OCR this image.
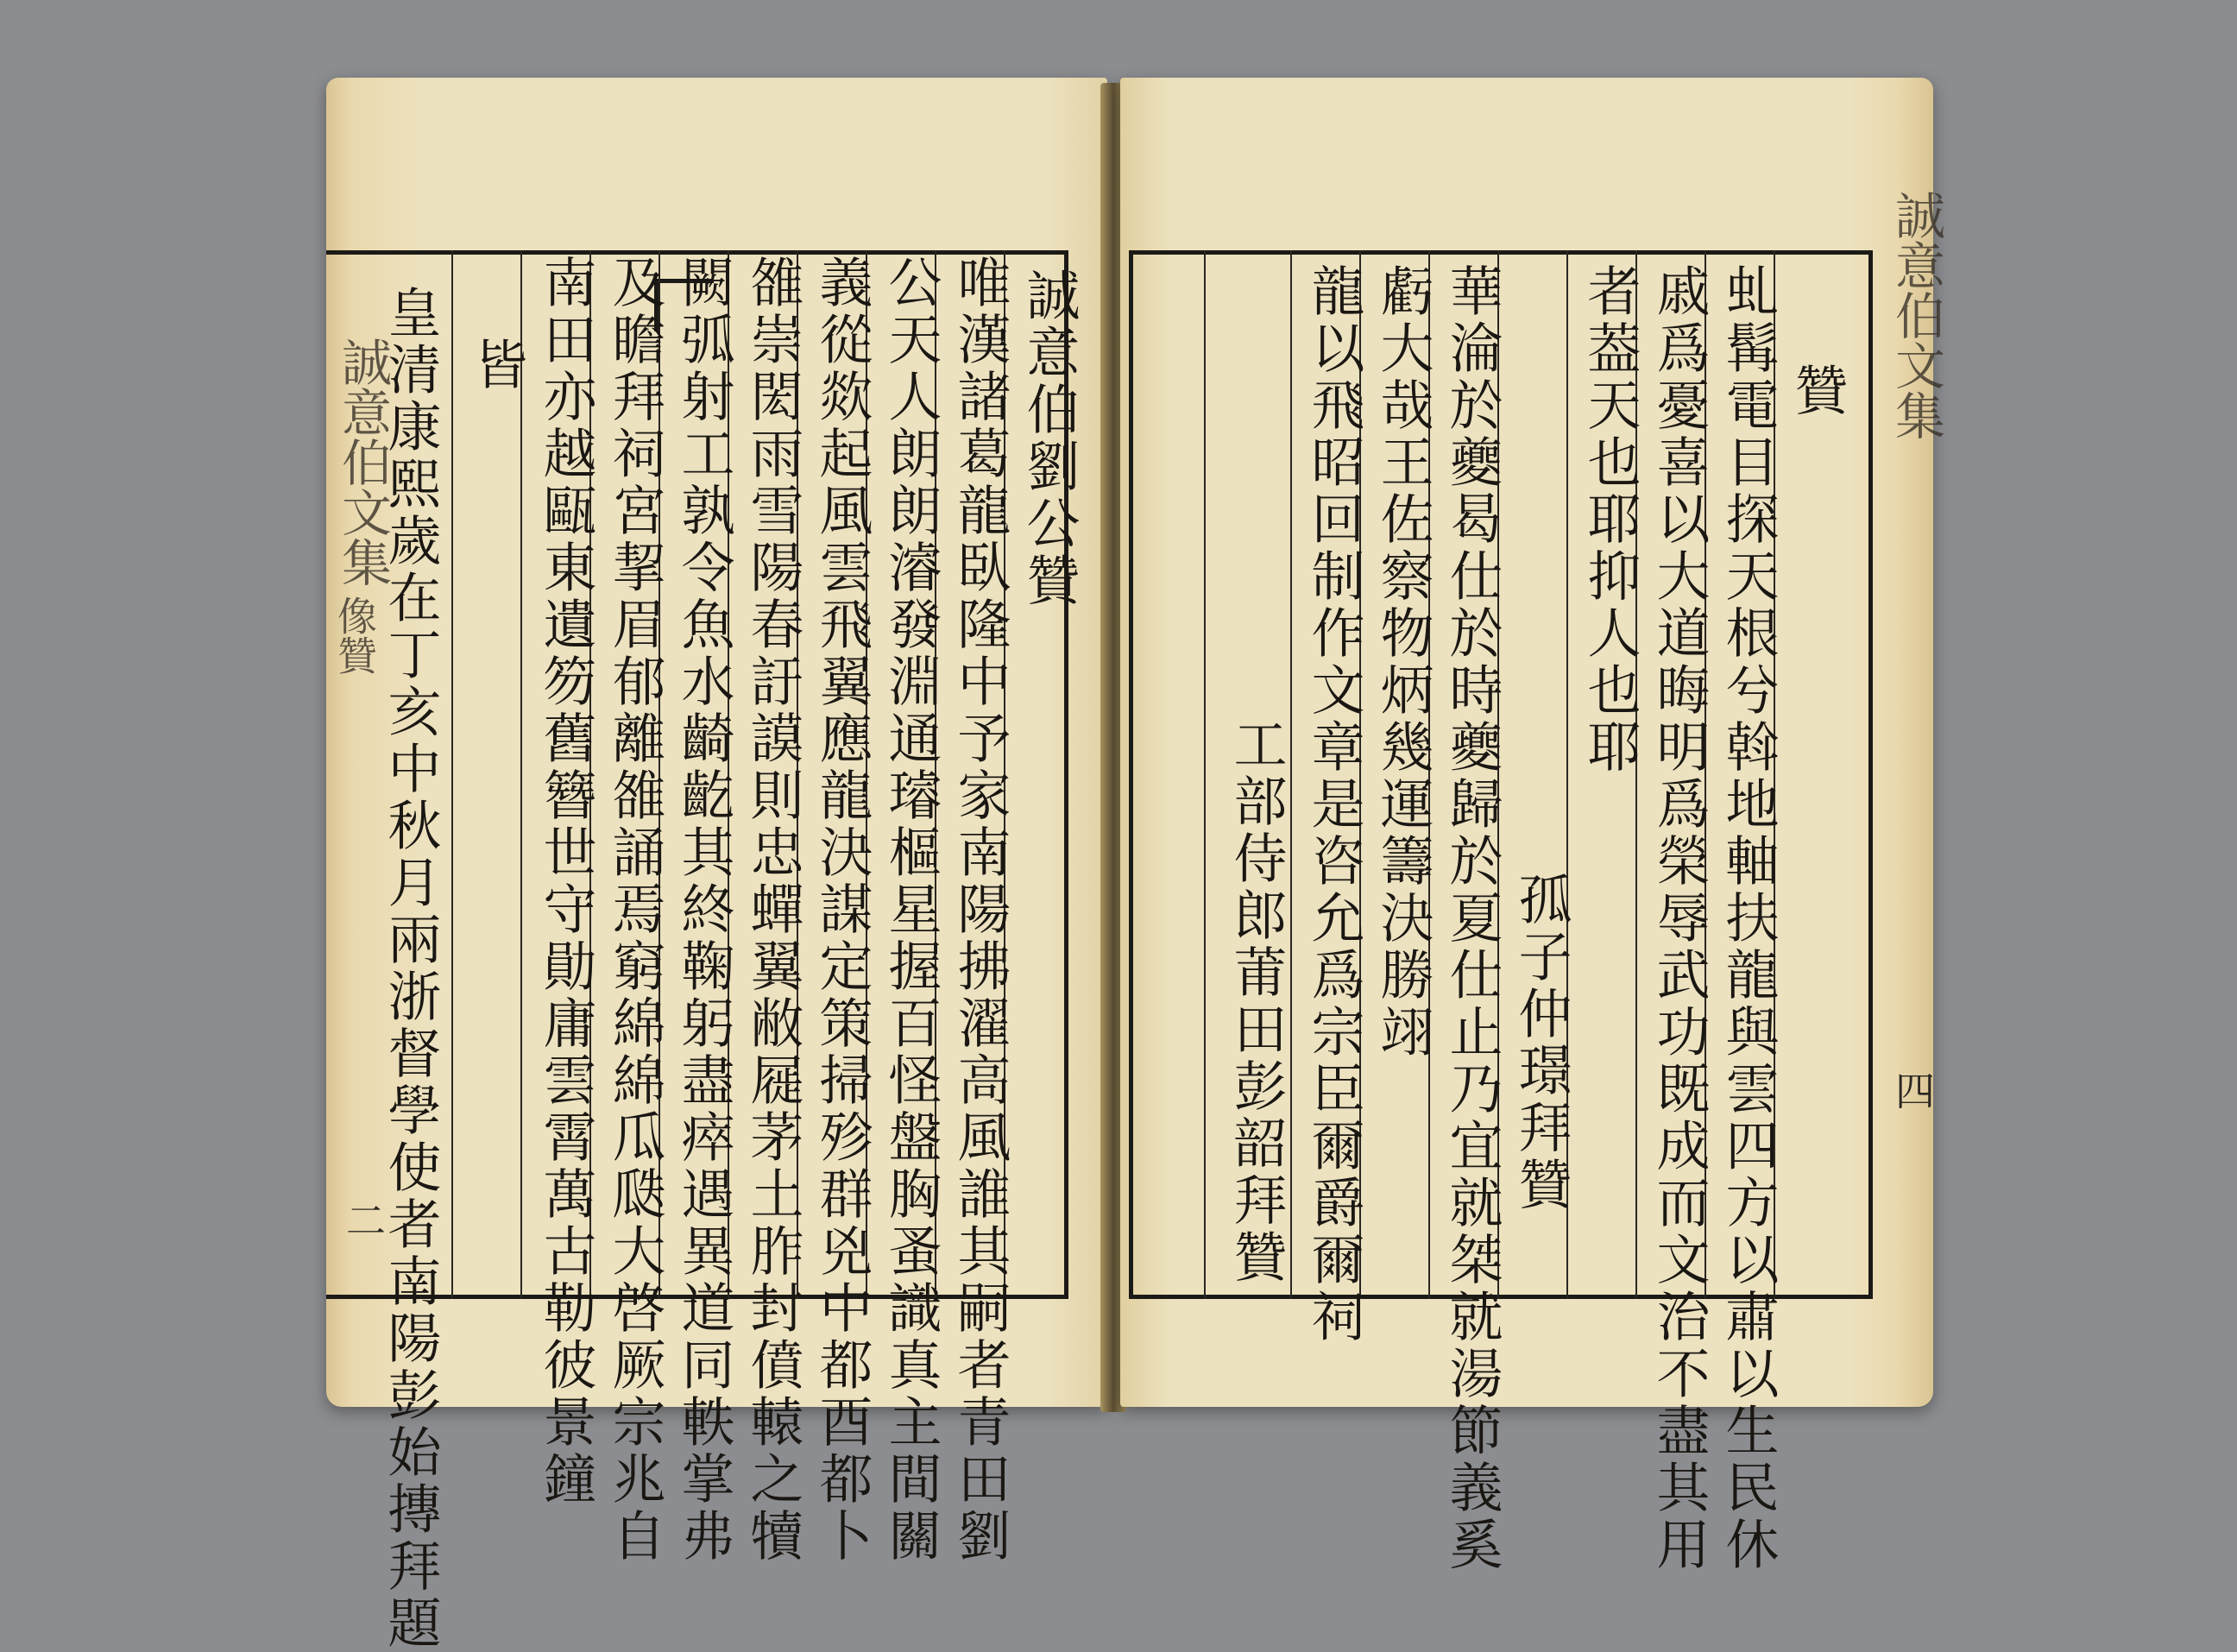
誠意伯文集
像贊
二
誠意伯劉公贊
唯漢諸葛龍臥隆中予家南陽拂濯高風誰其嗣者青田劉
公天人朗朗濬發淵通璿樞星握百怪盤胸蚤識真主間關
義從欻起風雲飛翼應龍決謀定策掃殄群兇中都酉都卜
雒崇閎雨雪陽春訏謨則忠蟬翼敝屣茅土胙封僨轅之犢
闕弧射工孰令魚水齮齕其終鞠躬盡瘁遇異道同軼掌弗
及瞻拜祠宮挈眉郁離雒誦焉窮綿綿瓜瓞大啓厥宗兆自
南田亦越甌東遺笏舊簪世守勛庸雲霄萬古勒彼景鐘
皆
皇清康熙歲在丁亥中秋月兩浙督學使者南陽彭始摶拜題	贊
虬髯電目探天根兮斡地軸扶龍與雲四方以肅以生民休
戚爲憂喜以大道晦明爲榮辱武功既成而文治不盡其用
者葢天也耶抑人也耶
孤子仲璟拜贊
華淪於夔曷仕於時夔歸於夏仕止乃宜就桀就湯節義奚
虧大哉王佐察物炳幾運籌決勝翊
龍以飛昭回制作文章是咨允爲宗臣爾爵爾祠
工部侍郎莆田彭韶拜贊
誠意伯文集
四
